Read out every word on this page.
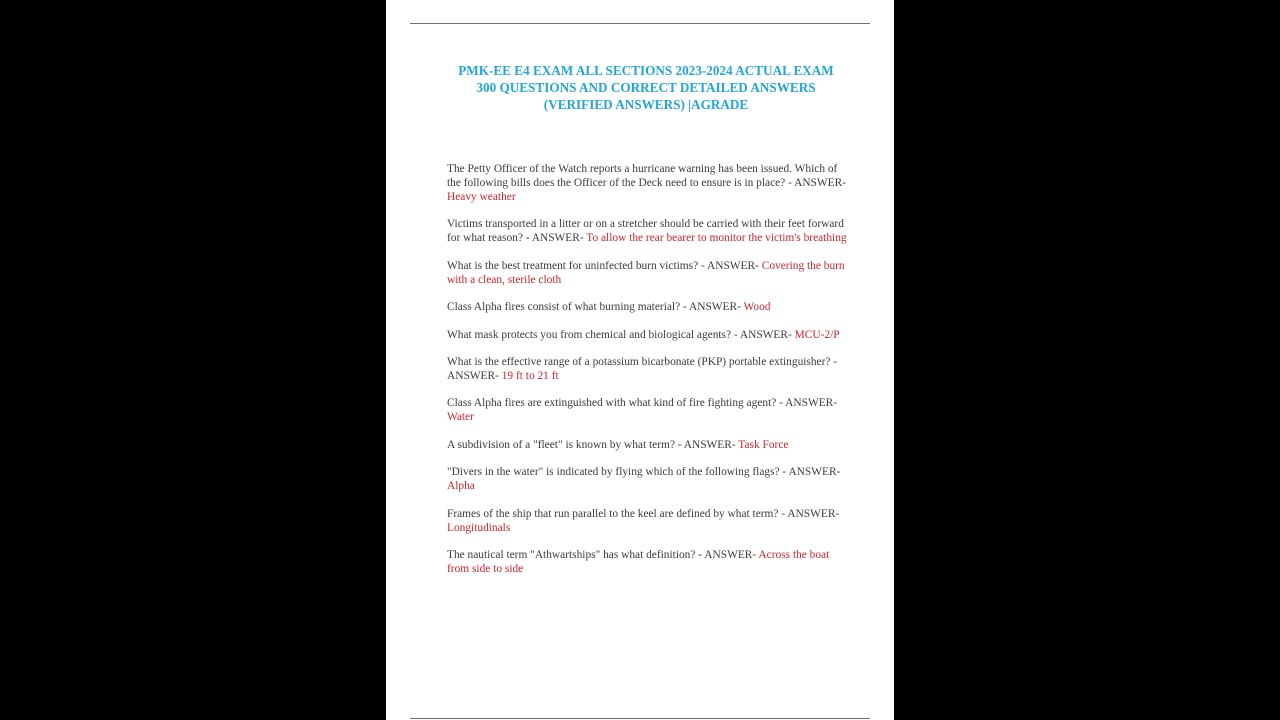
PMK-EE E4 EXAM ALL SECTIONS 2023-2024 ACTUAL EXAM
300 QUESTIONS AND CORRECT DETAILED ANSWERS
(VERIFIED ANSWERS) |AGRADE
The Petty Officer of the Watch reports a hurricane warning has been issued. Which of the following bills does the Officer of the Deck need to ensure is in place? - ANSWER- Heavy weather
Victims transported in a litter or on a stretcher should be carried with their feet forward for what reason? - ANSWER- To allow the rear bearer to monitor the victim's breathing
What is the best treatment for uninfected burn victims? - ANSWER- Covering the burn with a clean, sterile cloth
Class Alpha fires consist of what burning material? - ANSWER- Wood
What mask protects you from chemical and biological agents? - ANSWER- MCU-2/P
What is the effective range of a potassium bicarbonate (PKP) portable extinguisher? - ANSWER- 19 ft to 21 ft
Class Alpha fires are extinguished with what kind of fire fighting agent? - ANSWER- Water
A subdivision of a "fleet" is known by what term? - ANSWER- Task Force
"Divers in the water" is indicated by flying which of the following flags? - ANSWER- Alpha
Frames of the ship that run parallel to the keel are defined by what term? - ANSWER- Longitudinals
The nautical term "Athwartships" has what definition? - ANSWER- Across the boat from side to side
